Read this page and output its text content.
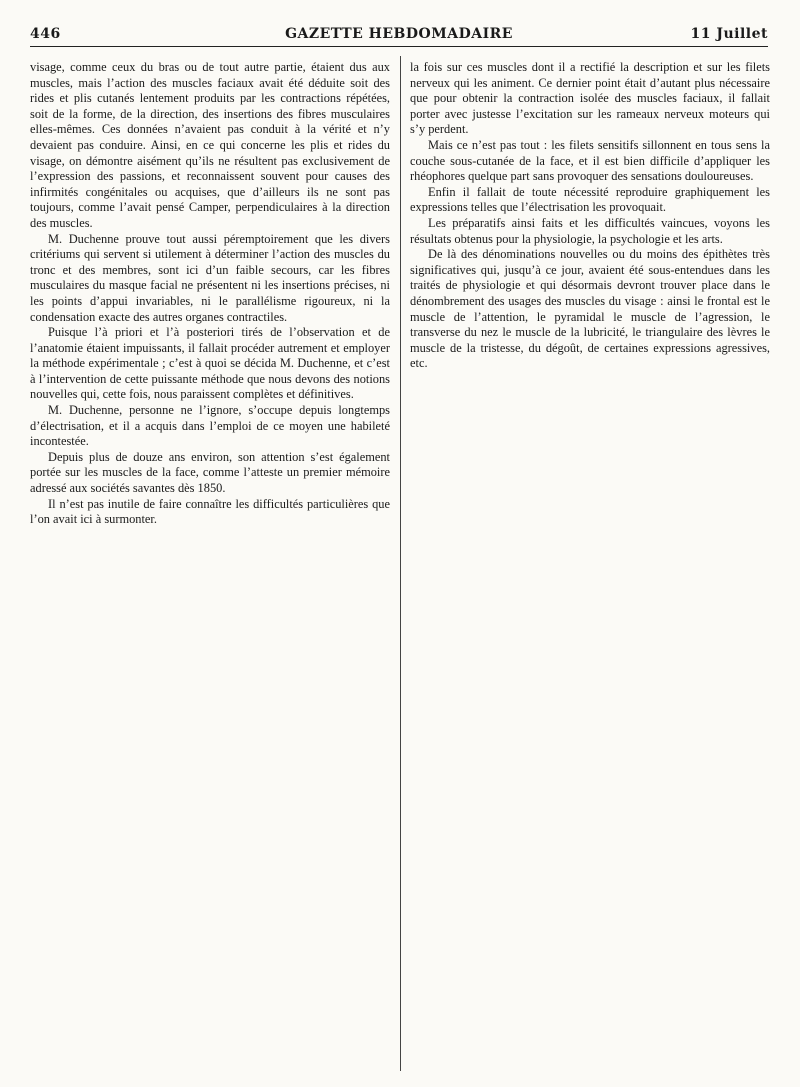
446	GAZETTE HEBDOMADAIRE	11 Juillet

visage, comme ceux du bras ou de tout autre partie, étaient dus aux muscles, mais l’action des muscles faciaux avait été déduite soit des rides et plis cutanés lentement produits par les contractions répétées, soit de la forme, de la direction, des insertions des fibres musculaires elles-mêmes. Ces données n’avaient pas conduit à la vérité et n’y devaient pas conduire. Ainsi, en ce qui concerne les plis et rides du visage, on démontre aisément qu’ils ne résultent pas exclusivement de l’expression des passions, et reconnaissent souvent pour causes des infirmités congénitales ou acquises, que d’ailleurs ils ne sont pas toujours, comme l’avait pensé Camper, perpendiculaires à la direction des muscles.

M. Duchenne prouve tout aussi péremptoirement que les divers critériums qui servent si utilement à déterminer l’action des muscles du tronc et des membres, sont ici d’un faible secours, car les fibres musculaires du masque facial ne présentent ni les insertions précises, ni les points d’appui invariables, ni le parallélisme rigoureux, ni la condensation exacte des autres organes contractiles.

Puisque l’à priori et l’à posteriori tirés de l’observation et de l’anatomie étaient impuissants, il fallait procéder autrement et employer la méthode expérimentale ; c’est à quoi se décida M. Duchenne, et c’est à l’intervention de cette puissante méthode que nous devons des notions nouvelles qui, cette fois, nous paraissent complètes et définitives.

M. Duchenne, personne ne l’ignore, s’occupe depuis longtemps d’électrisation, et il a acquis dans l’emploi de ce moyen une habileté incontestée.

Depuis plus de douze ans environ, son attention s’est également portée sur les muscles de la face, comme l’atteste un premier mémoire adressé aux sociétés savantes dès 1850.

Il n’est pas inutile de faire connaître les difficultés particulières que l’on avait ici à surmonter.

la fois sur ces muscles dont il a rectifié la description et sur les filets nerveux qui les animent. Ce dernier point était d’autant plus nécessaire que pour obtenir la contraction isolée des muscles faciaux, il fallait porter avec justesse l’excitation sur les rameaux nerveux moteurs qui s’y perdent.

Mais ce n’est pas tout : les filets sensitifs sillonnent en tous sens la couche sous-cutanée de la face, et il est bien difficile d’appliquer les rhéophores quelque part sans provoquer des sensations douloureuses.

Enfin il fallait de toute nécessité reproduire graphiquement les expressions telles que l’électrisation les provoquait.

Les préparatifs ainsi faits et les difficultés vaincues, voyons les résultats obtenus pour la physiologie, la psychologie et les arts.

De là des dénominations nouvelles ou du moins des épithètes très significatives qui, jusqu’à ce jour, avaient été sous-entendues dans les traités de physiologie et qui désormais devront trouver place dans le dénombrement des usages des muscles du visage : ainsi le frontal est le muscle de l’attention, le pyramidal le muscle de l’agression, le transverse du nez le muscle de la lubricité, le triangulaire des lèvres le muscle de la tristesse, du dégoût, de certaines expressions agressives, etc.
